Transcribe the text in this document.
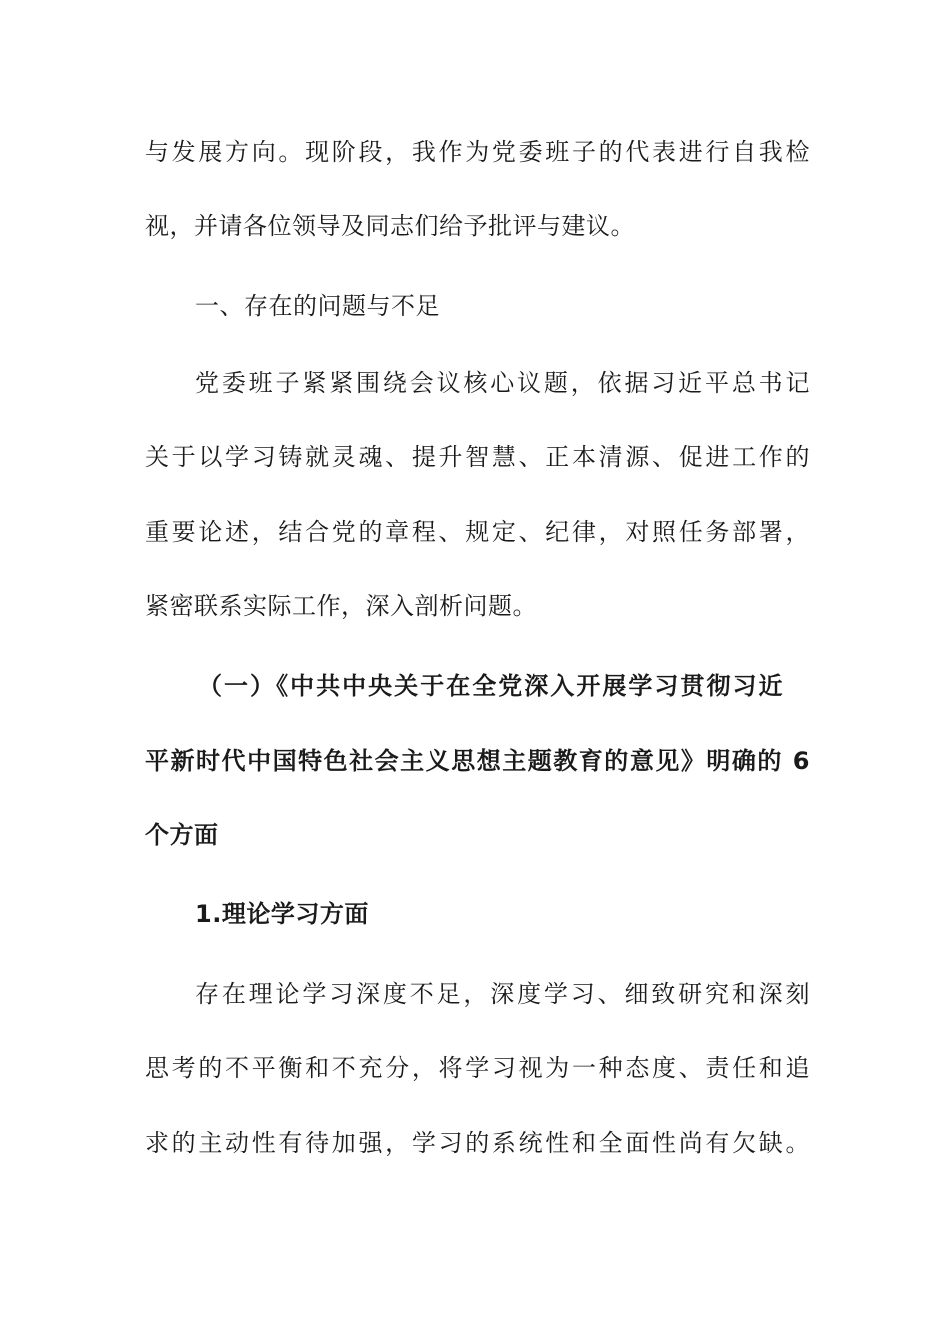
与发展方向。现阶段，我作为党委班子的代表进行自我检
视，并请各位领导及同志们给予批评与建议。
一、存在的问题与不足
党委班子紧紧围绕会议核心议题，依据习近平总书记
关于以学习铸就灵魂、提升智慧、正本清源、促进工作的
重要论述，结合党的章程、规定、纪律，对照任务部署，
紧密联系实际工作，深入剖析问题。
（一）《中共中央关于在全党深入开展学习贯彻习近
平新时代中国特色社会主义思想主题教育的意见》明确的 6
个方面
1.理论学习方面
存在理论学习深度不足，深度学习、细致研究和深刻
思考的不平衡和不充分，将学习视为一种态度、责任和追
求的主动性有待加强，学习的系统性和全面性尚有欠缺。
